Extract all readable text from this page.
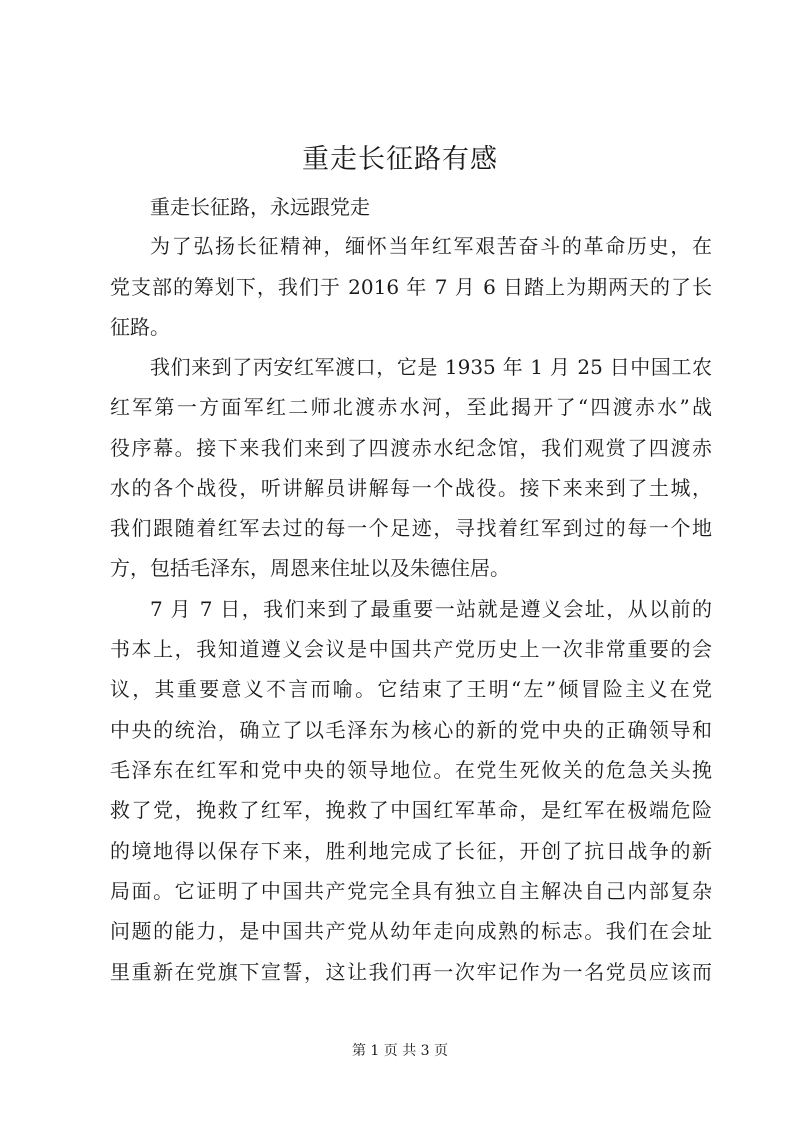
重走长征路有感

重走长征路，永远跟党走

为了弘扬长征精神，缅怀当年红军艰苦奋斗的革命历史，在

党支部的筹划下，我们于 2016 年 7 月 6 日踏上为期两天的了长

征路。

我们来到了丙安红军渡口，它是 1935 年 1 月 25 日中国工农

红军第一方面军红二师北渡赤水河，至此揭开了“四渡赤水”战

役序幕。接下来我们来到了四渡赤水纪念馆，我们观赏了四渡赤

水的各个战役，听讲解员讲解每一个战役。接下来来到了土城，

我们跟随着红军去过的每一个足迹，寻找着红军到过的每一个地

方，包括毛泽东，周恩来住址以及朱德住居。

7 月 7 日，我们来到了最重要一站就是遵义会址，从以前的

书本上，我知道遵义会议是中国共产党历史上一次非常重要的会

议，其重要意义不言而喻。它结束了王明“左”倾冒险主义在党

中央的统治，确立了以毛泽东为核心的新的党中央的正确领导和

毛泽东在红军和党中央的领导地位。在党生死攸关的危急关头挽

救了党，挽救了红军，挽救了中国红军革命，是红军在极端危险

的境地得以保存下来，胜利地完成了长征，开创了抗日战争的新

局面。它证明了中国共产党完全具有独立自主解决自己内部复杂

问题的能力，是中国共产党从幼年走向成熟的标志。我们在会址

里重新在党旗下宣誓，这让我们再一次牢记作为一名党员应该而

第 1 页 共 3 页
